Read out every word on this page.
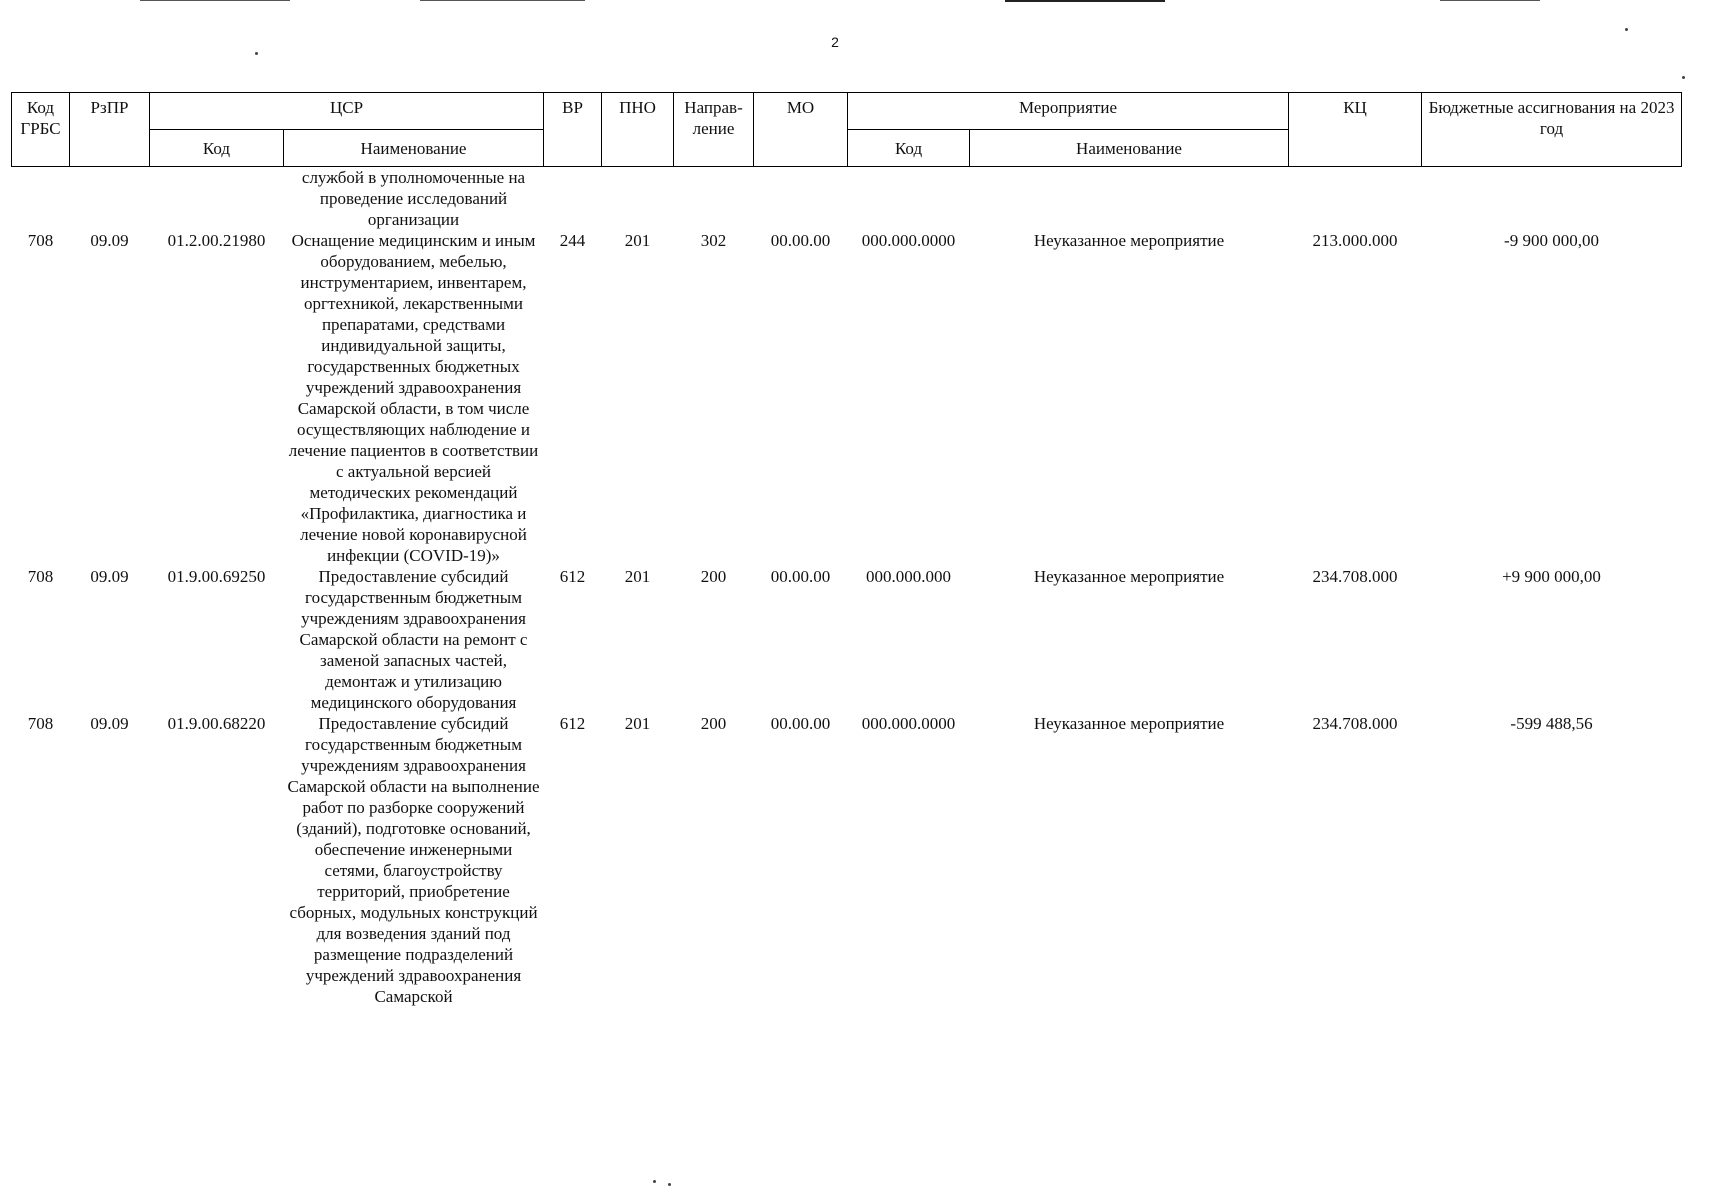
2
Код ГРБС	РзПР	ЦСР		ВР	ПНО	Направ-ление	МО	Мероприятие		КЦ	Бюджетные ассигнования на 2023 год
		Код	Наименование					Код	Наименование		
			службой в уполномоченные на проведение исследований организации								
708	09.09	01.2.00.21980	Оснащение медицинским и иным оборудованием, мебелью, инструментарием, инвентарем, оргтехникой, лекарственными препаратами, средствами индивидуальной защиты, государственных бюджетных учреждений здравоохранения Самарской области, в том числе осуществляющих наблюдение и лечение пациентов в соответствии с актуальной версией методических рекомендаций «Профилактика, диагностика и лечение новой коронавирусной инфекции (COVID-19)»	244	201	302	00.00.00	000.000.0000	Неуказанное мероприятие	213.000.000	-9 900 000,00
708	09.09	01.9.00.69250	Предоставление субсидий государственным бюджетным учреждениям здравоохранения Самарской области на ремонт с заменой запасных частей, демонтаж и утилизацию медицинского оборудования	612	201	200	00.00.00	000.000.000	Неуказанное мероприятие	234.708.000	+9 900 000,00
708	09.09	01.9.00.68220	Предоставление субсидий государственным бюджетным учреждениям здравоохранения Самарской области на выполнение работ по разборке сооружений (зданий), подготовке оснований, обеспечение инженерными сетями, благоустройству территорий, приобретение сборных, модульных конструкций для возведения зданий под размещение подразделений учреждений здравоохранения Самарской	612	201	200	00.00.00	000.000.0000	Неуказанное мероприятие	234.708.000	-599 488,56
